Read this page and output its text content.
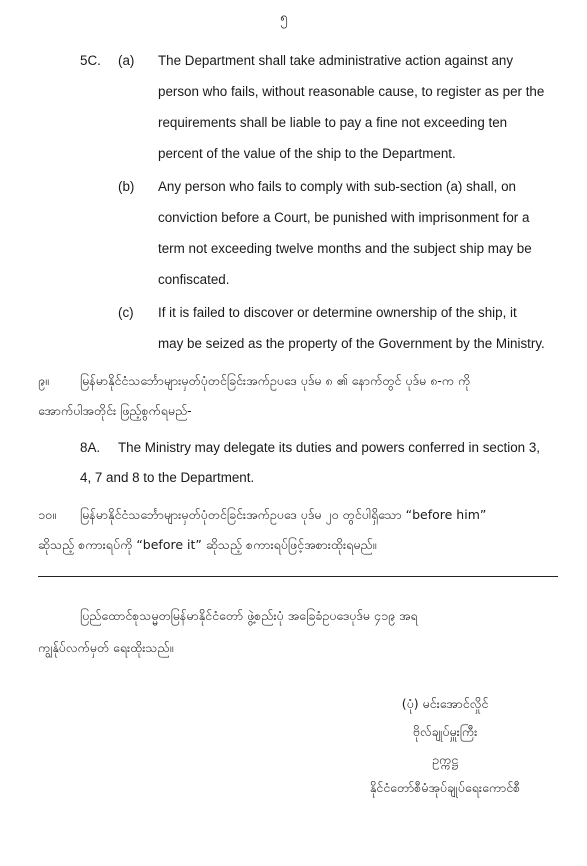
၅
5C. (a) The Department shall take administrative action against any
person who fails, without reasonable cause, to register as per the
requirements shall be liable to pay a fine not exceeding ten
percent of the value of the ship to the Department.
(b) Any person who fails to comply with sub-section (a) shall, on
conviction before a Court, be punished with imprisonment for a
term not exceeding twelve months and the subject ship may be
confiscated.
(c) If it is failed to discover or determine ownership of the ship, it
may be seized as the property of the Government by the Ministry.
၉။ မြန်မာနိုင်ငံသင်္ဘောများမှတ်ပုံတင်ခြင်းအက်ဥပဒေ ပုဒ်မ ၈ ၏ နောက်တွင် ပုဒ်မ ၈-က ကို
အောက်ပါအတိုင်း ဖြည့်စွက်ရမည်-
8A. The Ministry may delegate its duties and powers conferred in section 3,
4, 7 and 8 to the Department.
၁၀။ မြန်မာနိုင်ငံသင်္ဘောများမှတ်ပုံတင်ခြင်းအက်ဥပဒေ ပုဒ်မ ၂၀ တွင်ပါရှိသော “before him”
ဆိုသည့် စကားရပ်ကို “before it” ဆိုသည့် စကားရပ်ဖြင့်အစားထိုးရမည်။
ပြည်ထောင်စုသမ္မတမြန်မာနိုင်ငံတော် ဖွဲ့စည်းပုံ အခြေခံဥပဒေပုဒ်မ ၄၁၉ အရ
ကျွန်ုပ်လက်မှတ် ရေးထိုးသည်။
(ပုံ) မင်းအောင်လှိုင်
ဗိုလ်ချုပ်မှူးကြီး
ဥက္ကဋ္ဌ
နိုင်ငံတော်စီမံအုပ်ချုပ်ရေးကောင်စီ
